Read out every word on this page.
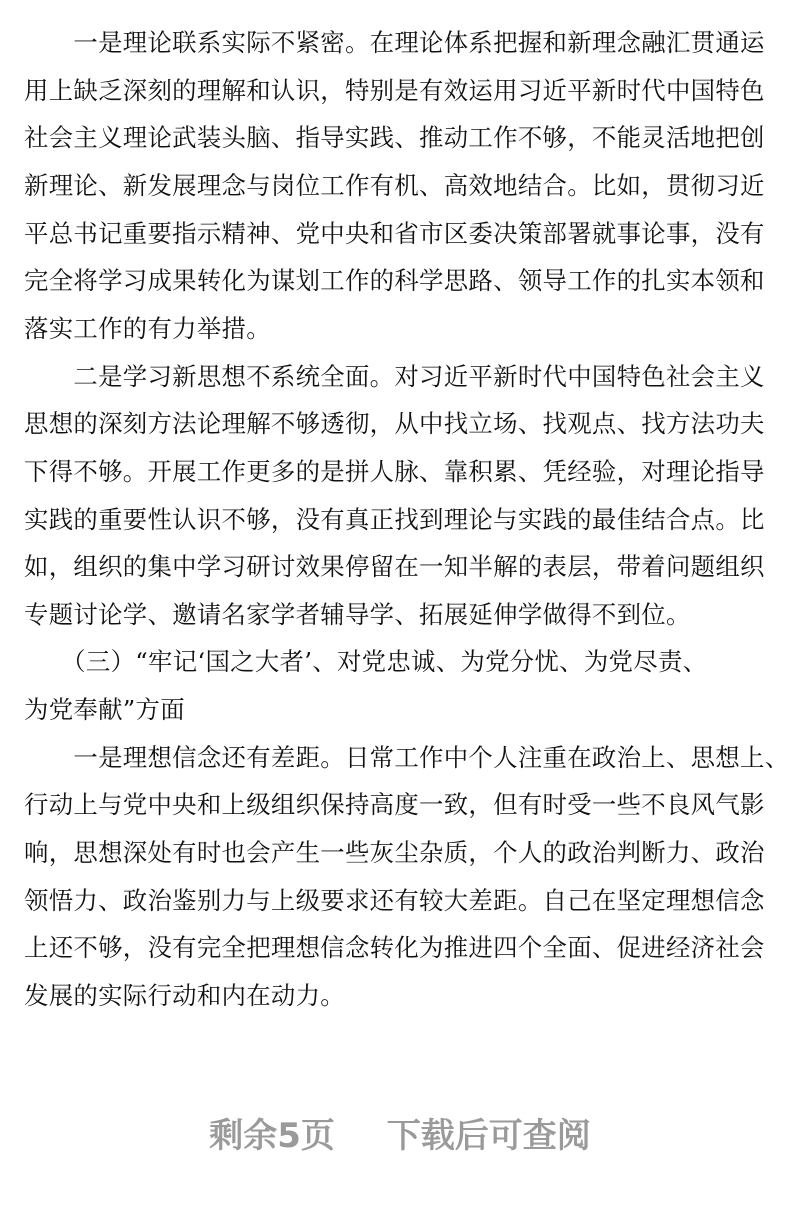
　　一是理论联系实际不紧密。在理论体系把握和新理念融汇贯通运
用上缺乏深刻的理解和认识，特别是有效运用习近平新时代中国特色
社会主义理论武装头脑、指导实践、推动工作不够，不能灵活地把创
新理论、新发展理念与岗位工作有机、高效地结合。比如，贯彻习近
平总书记重要指示精神、党中央和省市区委决策部署就事论事，没有
完全将学习成果转化为谋划工作的科学思路、领导工作的扎实本领和
落实工作的有力举措。
　　二是学习新思想不系统全面。对习近平新时代中国特色社会主义
思想的深刻方法论理解不够透彻，从中找立场、找观点、找方法功夫
下得不够。开展工作更多的是拼人脉、靠积累、凭经验，对理论指导
实践的重要性认识不够，没有真正找到理论与实践的最佳结合点。比
如，组织的集中学习研讨效果停留在一知半解的表层，带着问题组织
专题讨论学、邀请名家学者辅导学、拓展延伸学做得不到位。
　　（三）“牢记‘国之大者’、对党忠诚、为党分忧、为党尽责、
为党奉献”方面
　　一是理想信念还有差距。日常工作中个人注重在政治上、思想上、
行动上与党中央和上级组织保持高度一致，但有时受一些不良风气影
响，思想深处有时也会产生一些灰尘杂质，个人的政治判断力、政治
领悟力、政治鉴别力与上级要求还有较大差距。自己在坚定理想信念
上还不够，没有完全把理想信念转化为推进四个全面、促进经济社会
发展的实际行动和内在动力。
剩余5页 下载后可查阅
